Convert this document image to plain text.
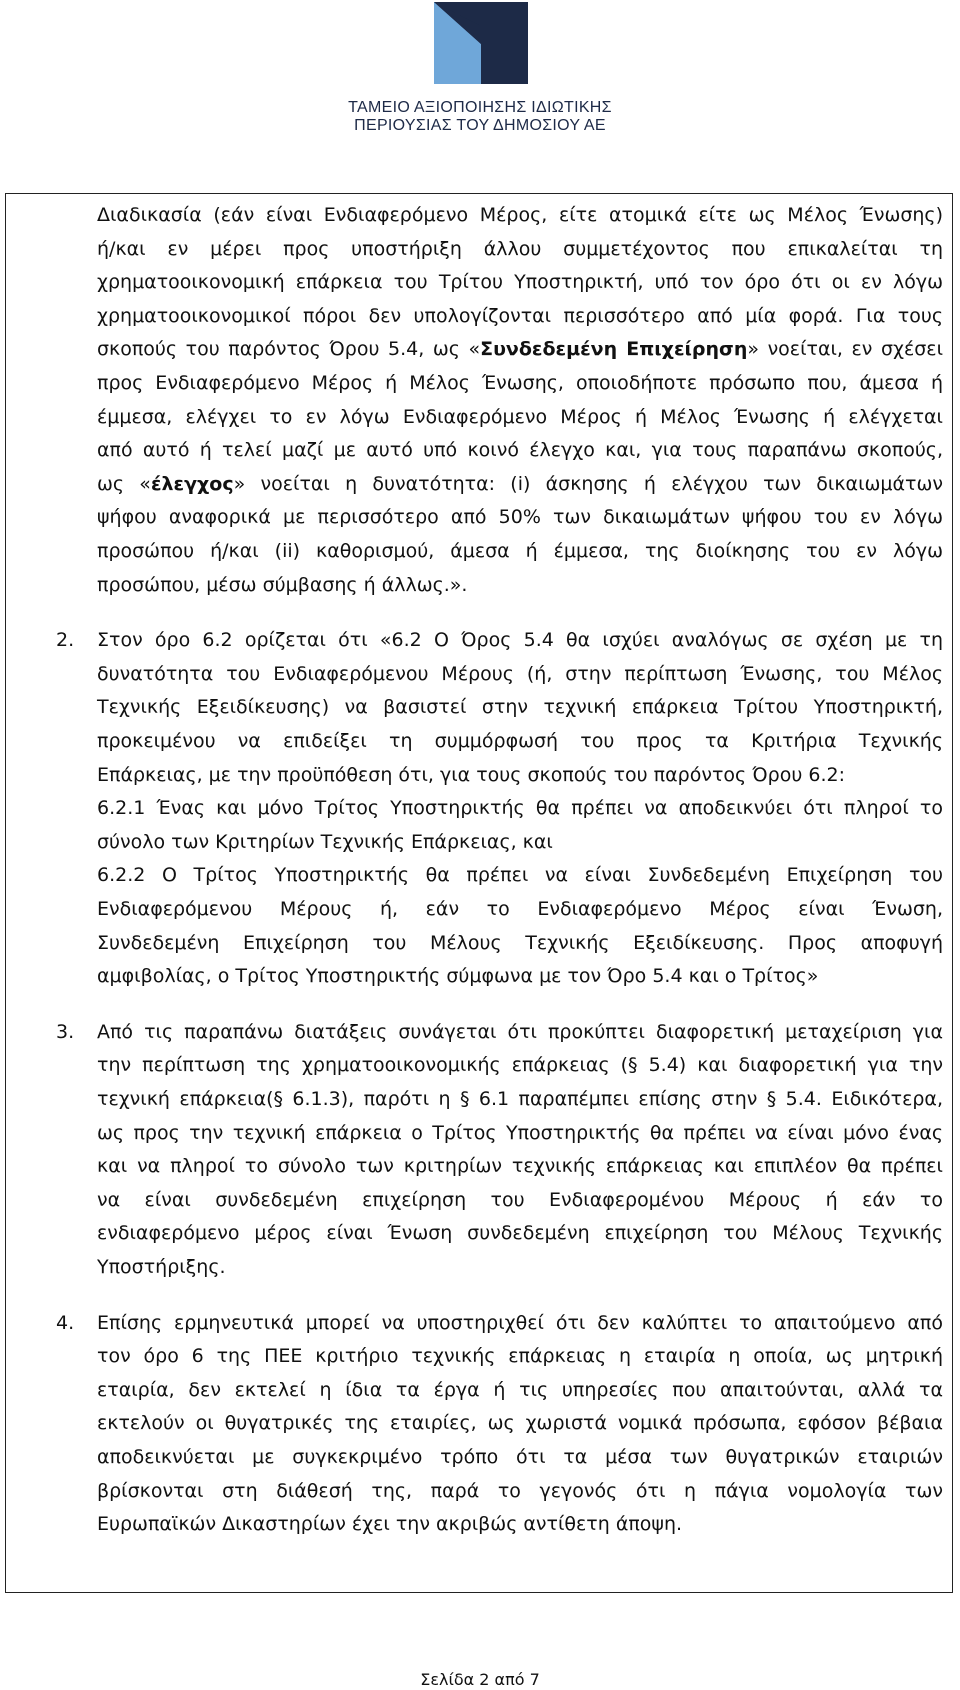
ΤΑΜΕΙΟ ΑΞΙΟΠΟΙΗΣΗΣ ΙΔΙΩΤΙΚΗΣ
ΠΕΡΙΟΥΣΙΑΣ ΤΟΥ ΔΗΜΟΣΙΟΥ ΑΕ
Διαδικασία (εάν είναι Ενδιαφερόμενο Μέρος, είτε ατομικά είτε ως Μέλος Ένωσης)
ή/και εν μέρει προς υποστήριξη άλλου συμμετέχοντος που επικαλείται τη
χρηματοοικονομική επάρκεια του Τρίτου Υποστηρικτή, υπό τον όρο ότι οι εν λόγω
χρηματοοικονομικοί πόροι δεν υπολογίζονται περισσότερο από μία φορά. Για τους
σκοπούς του παρόντος Όρου 5.4, ως «Συνδεδεμένη Επιχείρηση» νοείται, εν σχέσει
προς Ενδιαφερόμενο Μέρος ή Μέλος Ένωσης, οποιοδήποτε πρόσωπο που, άμεσα ή
έμμεσα, ελέγχει το εν λόγω Ενδιαφερόμενο Μέρος ή Μέλος Ένωσης ή ελέγχεται
από αυτό ή τελεί μαζί με αυτό υπό κοινό έλεγχο και, για τους παραπάνω σκοπούς,
ως «έλεγχος» νοείται η δυνατότητα: (i) άσκησης ή ελέγχου των δικαιωμάτων
ψήφου αναφορικά με περισσότερο από 50% των δικαιωμάτων ψήφου του εν λόγω
προσώπου ή/και (ii) καθορισμού, άμεσα ή έμμεσα, της διοίκησης του εν λόγω
προσώπου, μέσω σύμβασης ή άλλως.».
2. Στον όρο 6.2 ορίζεται ότι «6.2 Ο Όρος 5.4 θα ισχύει αναλόγως σε σχέση με τη
δυνατότητα του Ενδιαφερόμενου Μέρους (ή, στην περίπτωση Ένωσης, του Μέλος
Τεχνικής Εξειδίκευσης) να βασιστεί στην τεχνική επάρκεια Τρίτου Υποστηρικτή,
προκειμένου να επιδείξει τη συμμόρφωσή του προς τα Κριτήρια Τεχνικής
Επάρκειας, με την προϋπόθεση ότι, για τους σκοπούς του παρόντος Όρου 6.2:
6.2.1 Ένας και μόνο Τρίτος Υποστηρικτής θα πρέπει να αποδεικνύει ότι πληροί το
σύνολο των Κριτηρίων Τεχνικής Επάρκειας, και
6.2.2 Ο Τρίτος Υποστηρικτής θα πρέπει να είναι Συνδεδεμένη Επιχείρηση του
Ενδιαφερόμενου Μέρους ή, εάν το Ενδιαφερόμενο Μέρος είναι Ένωση,
Συνδεδεμένη Επιχείρηση του Μέλους Τεχνικής Εξειδίκευσης. Προς αποφυγή
αμφιβολίας, ο Τρίτος Υποστηρικτής σύμφωνα με τον Όρο 5.4 και ο Τρίτος»
3. Από τις παραπάνω διατάξεις συνάγεται ότι προκύπτει διαφορετική μεταχείριση για
την περίπτωση της χρηματοοικονομικής επάρκειας (§ 5.4) και διαφορετική για την
τεχνική επάρκεια(§ 6.1.3), παρότι η § 6.1 παραπέμπει επίσης στην § 5.4. Ειδικότερα,
ως προς την τεχνική επάρκεια ο Τρίτος Υποστηρικτής θα πρέπει να είναι μόνο ένας
και να πληροί το σύνολο των κριτηρίων τεχνικής επάρκειας και επιπλέον θα πρέπει
να είναι συνδεδεμένη επιχείρηση του Ενδιαφερομένου Μέρους ή εάν το
ενδιαφερόμενο μέρος είναι Ένωση συνδεδεμένη επιχείρηση του Μέλους Τεχνικής
Υποστήριξης.
4. Επίσης ερμηνευτικά μπορεί να υποστηριχθεί ότι δεν καλύπτει το απαιτούμενο από
τον όρο 6 της ΠΕΕ κριτήριο τεχνικής επάρκειας η εταιρία η οποία, ως μητρική
εταιρία, δεν εκτελεί η ίδια τα έργα ή τις υπηρεσίες που απαιτούνται, αλλά τα
εκτελούν οι θυγατρικές της εταιρίες, ως χωριστά νομικά πρόσωπα, εφόσον βέβαια
αποδεικνύεται με συγκεκριμένο τρόπο ότι τα μέσα των θυγατρικών εταιριών
βρίσκονται στη διάθεσή της, παρά το γεγονός ότι η πάγια νομολογία των
Ευρωπαϊκών Δικαστηρίων έχει την ακριβώς αντίθετη άποψη.
Σελίδα 2 από 7
